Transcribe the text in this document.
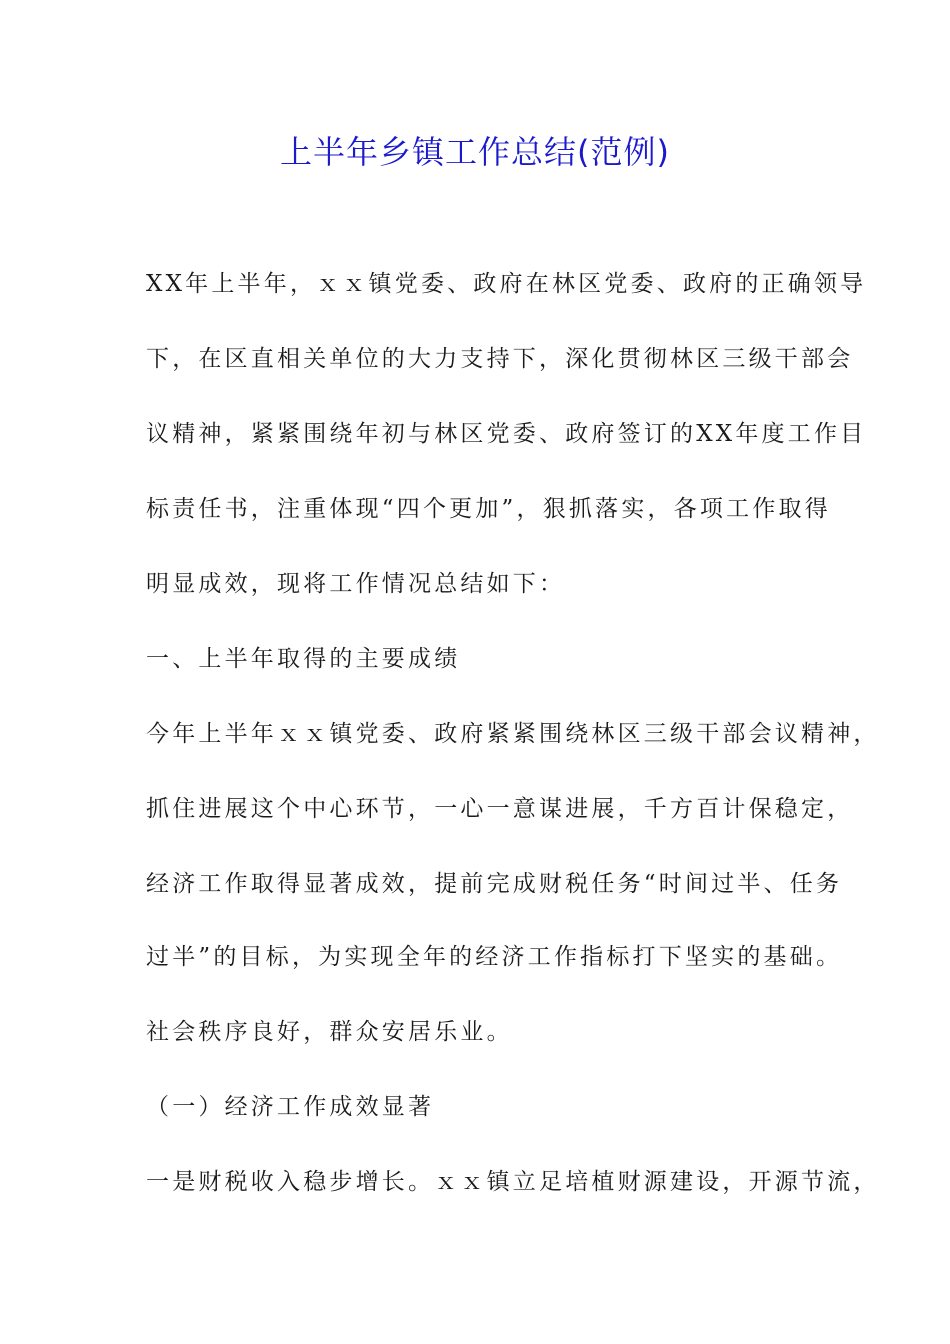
上半年乡镇工作总结(范例)

XX年上半年，ｘｘ镇党委、政府在林区党委、政府的正确领导

下，在区直相关单位的大力支持下，深化贯彻林区三级干部会

议精神，紧紧围绕年初与林区党委、政府签订的XX年度工作目

标责任书，注重体现“四个更加”，狠抓落实，各项工作取得

明显成效，现将工作情况总结如下：

一、上半年取得的主要成绩

今年上半年ｘｘ镇党委、政府紧紧围绕林区三级干部会议精神，

抓住进展这个中心环节，一心一意谋进展，千方百计保稳定，

经济工作取得显著成效，提前完成财税任务“时间过半、任务

过半”的目标，为实现全年的经济工作指标打下坚实的基础。

社会秩序良好，群众安居乐业。

（一）经济工作成效显著

一是财税收入稳步增长。ｘｘ镇立足培植财源建设，开源节流，
